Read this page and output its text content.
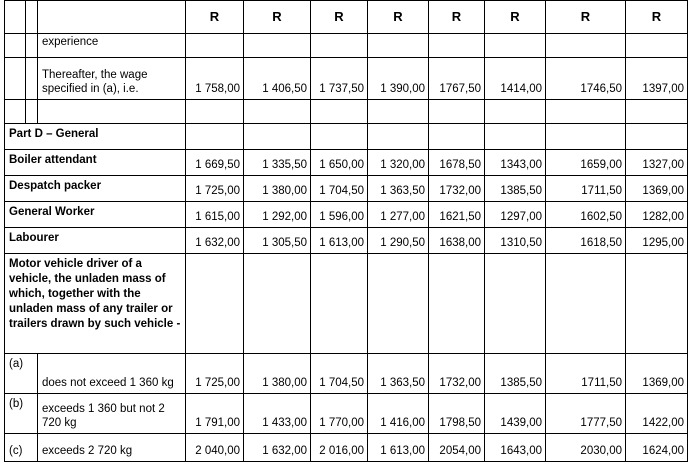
			R	R	R	R	R	R	R	R
		experience								
		Thereafter, the wage specified in (a), i.e.	1 758,00	1 406,50	1 737,50	1 390,00	1767,50	1414,00	1746,50	1397,00

Part D – General										
Boiler attendant			1 669,50	1 335,50	1 650,00	1 320,00	1678,50	1343,00	1659,00	1327,00
Despatch packer			1 725,00	1 380,00	1 704,50	1 363,50	1732,00	1385,50	1711,50	1369,00
General Worker			1 615,00	1 292,00	1 596,00	1 277,00	1621,50	1297,00	1602,50	1282,00
Labourer			1 632,00	1 305,50	1 613,00	1 290,50	1638,00	1310,50	1618,50	1295,00
Motor vehicle driver of a vehicle, the unladen mass of which, together with the unladen mass of any trailer or trailers drawn by such vehicle -										
(a)		does not exceed 1 360 kg	1 725,00	1 380,00	1 704,50	1 363,50	1732,00	1385,50	1711,50	1369,00
(b)		exceeds 1 360 but not 2 720 kg	1 791,00	1 433,00	1 770,00	1 416,00	1798,50	1439,00	1777,50	1422,00
(c)		exceeds 2 720 kg	2 040,00	1 632,00	2 016,00	1 613,00	2054,00	1643,00	2030,00	1624,00
